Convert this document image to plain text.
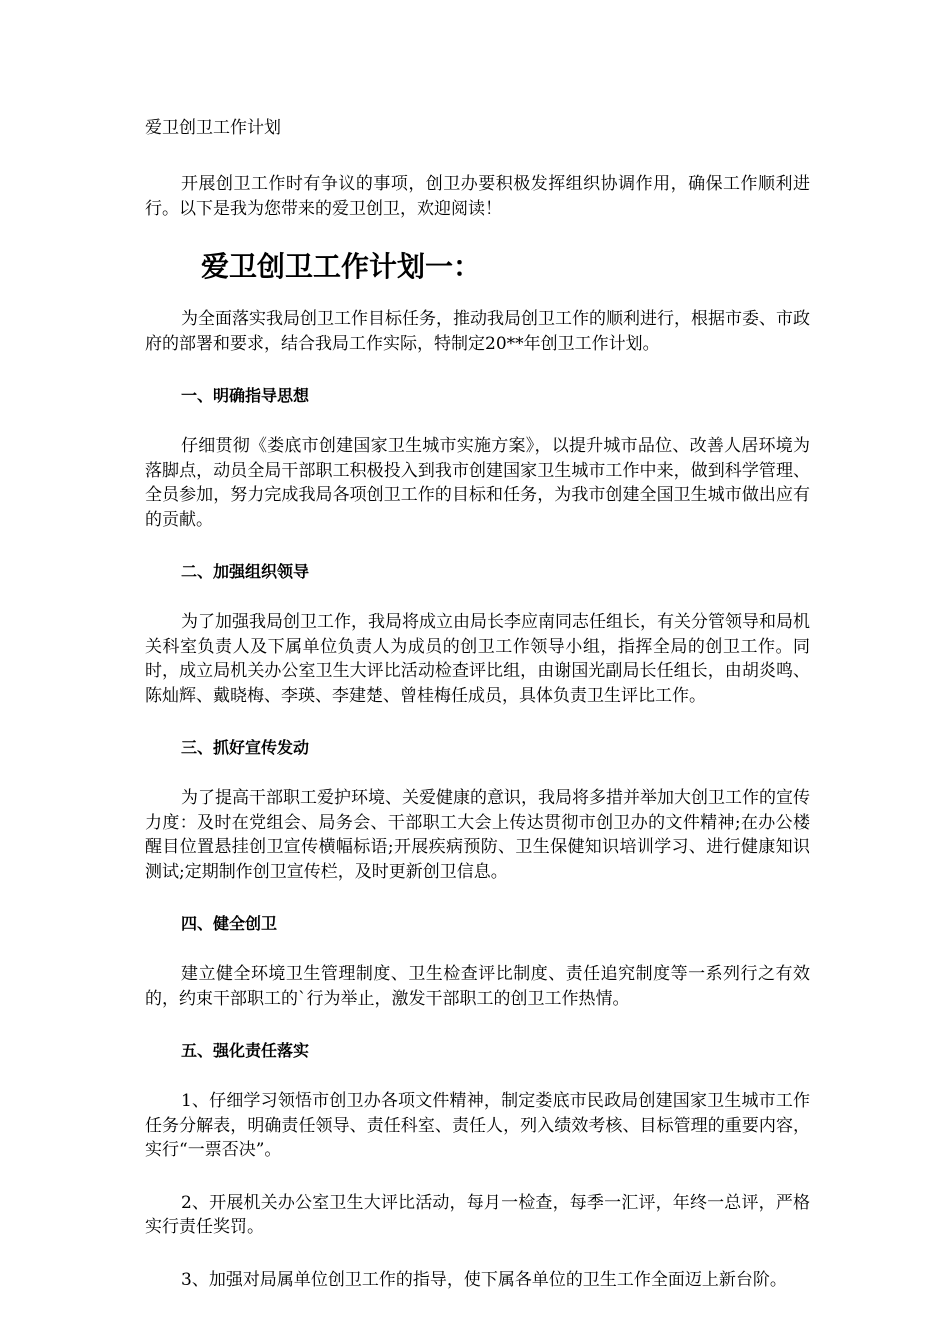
爱卫创卫工作计划

开展创卫工作时有争议的事项，创卫办要积极发挥组织协调作用，确保工作顺利进行。以下是我为您带来的爱卫创卫，欢迎阅读！

爱卫创卫工作计划一：

为全面落实我局创卫工作目标任务，推动我局创卫工作的顺利进行，根据市委、市政府的部署和要求，结合我局工作实际，特制定20**年创卫工作计划。

一、明确指导思想

仔细贯彻《娄底市创建国家卫生城市实施方案》，以提升城市品位、改善人居环境为落脚点，动员全局干部职工积极投入到我市创建国家卫生城市工作中来，做到科学管理、全员参加，努力完成我局各项创卫工作的目标和任务，为我市创建全国卫生城市做出应有的贡献。

二、加强组织领导

为了加强我局创卫工作，我局将成立由局长李应南同志任组长，有关分管领导和局机关科室负责人及下属单位负责人为成员的创卫工作领导小组，指挥全局的创卫工作。同时，成立局机关办公室卫生大评比活动检查评比组，由谢国光副局长任组长，由胡炎鸣、陈灿辉、戴晓梅、李瑛、李建楚、曾桂梅任成员，具体负责卫生评比工作。

三、抓好宣传发动

为了提高干部职工爱护环境、关爱健康的意识，我局将多措并举加大创卫工作的宣传力度：及时在党组会、局务会、干部职工大会上传达贯彻市创卫办的文件精神;在办公楼醒目位置悬挂创卫宣传横幅标语;开展疾病预防、卫生保健知识培训学习、进行健康知识测试;定期制作创卫宣传栏，及时更新创卫信息。

四、健全创卫

建立健全环境卫生管理制度、卫生检查评比制度、责任追究制度等一系列行之有效的，约束干部职工的`行为举止，激发干部职工的创卫工作热情。

五、强化责任落实

1、仔细学习领悟市创卫办各项文件精神，制定娄底市民政局创建国家卫生城市工作任务分解表，明确责任领导、责任科室、责任人，列入绩效考核、目标管理的重要内容，实行“一票否决”。

2、开展机关办公室卫生大评比活动，每月一检查，每季一汇评，年终一总评，严格实行责任奖罚。

3、加强对局属单位创卫工作的指导，使下属各单位的卫生工作全面迈上新台阶。
